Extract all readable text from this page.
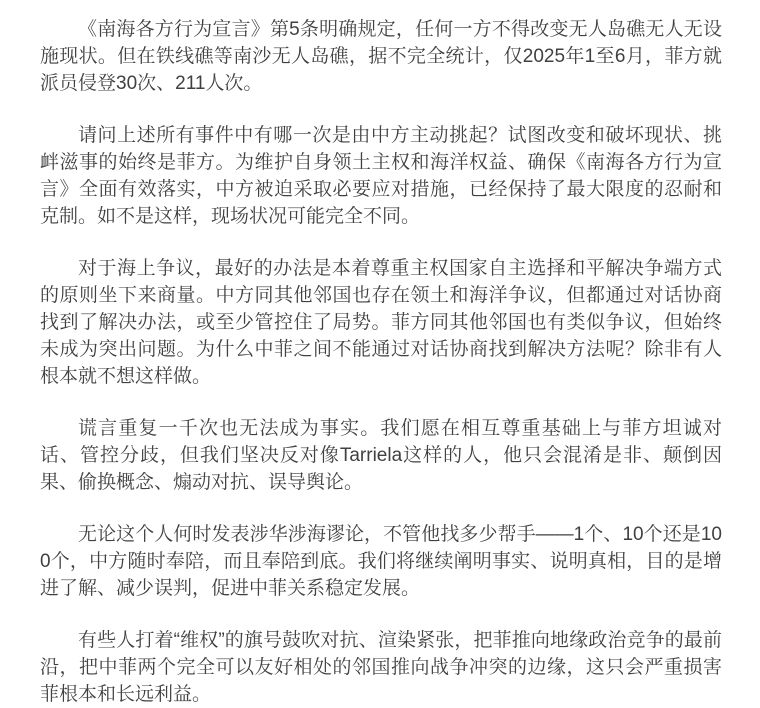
《南海各方行为宣言》第5条明确规定，任何一方不得改变无人岛礁无人无设施现状。但在铁线礁等南沙无人岛礁，据不完全统计，仅2025年1至6月，菲方就派员侵登30次、211人次。

请问上述所有事件中有哪一次是由中方主动挑起？试图改变和破坏现状、挑衅滋事的始终是菲方。为维护自身领土主权和海洋权益、确保《南海各方行为宣言》全面有效落实，中方被迫采取必要应对措施，已经保持了最大限度的忍耐和克制。如不是这样，现场状况可能完全不同。

对于海上争议，最好的办法是本着尊重主权国家自主选择和平解决争端方式的原则坐下来商量。中方同其他邻国也存在领土和海洋争议，但都通过对话协商找到了解决办法，或至少管控住了局势。菲方同其他邻国也有类似争议，但始终未成为突出问题。为什么中菲之间不能通过对话协商找到解决方法呢？除非有人根本就不想这样做。

谎言重复一千次也无法成为事实。我们愿在相互尊重基础上与菲方坦诚对话、管控分歧，但我们坚决反对像Tarriela这样的人，他只会混淆是非、颠倒因果、偷换概念、煽动对抗、误导舆论。

无论这个人何时发表涉华涉海谬论，不管他找多少帮手——1个、10个还是100个，中方随时奉陪，而且奉陪到底。我们将继续阐明事实、说明真相，目的是增进了解、减少误判，促进中菲关系稳定发展。

有些人打着“维权”的旗号鼓吹对抗、渲染紧张，把菲推向地缘政治竞争的最前沿，把中菲两个完全可以友好相处的邻国推向战争冲突的边缘，这只会严重损害菲根本和长远利益。
